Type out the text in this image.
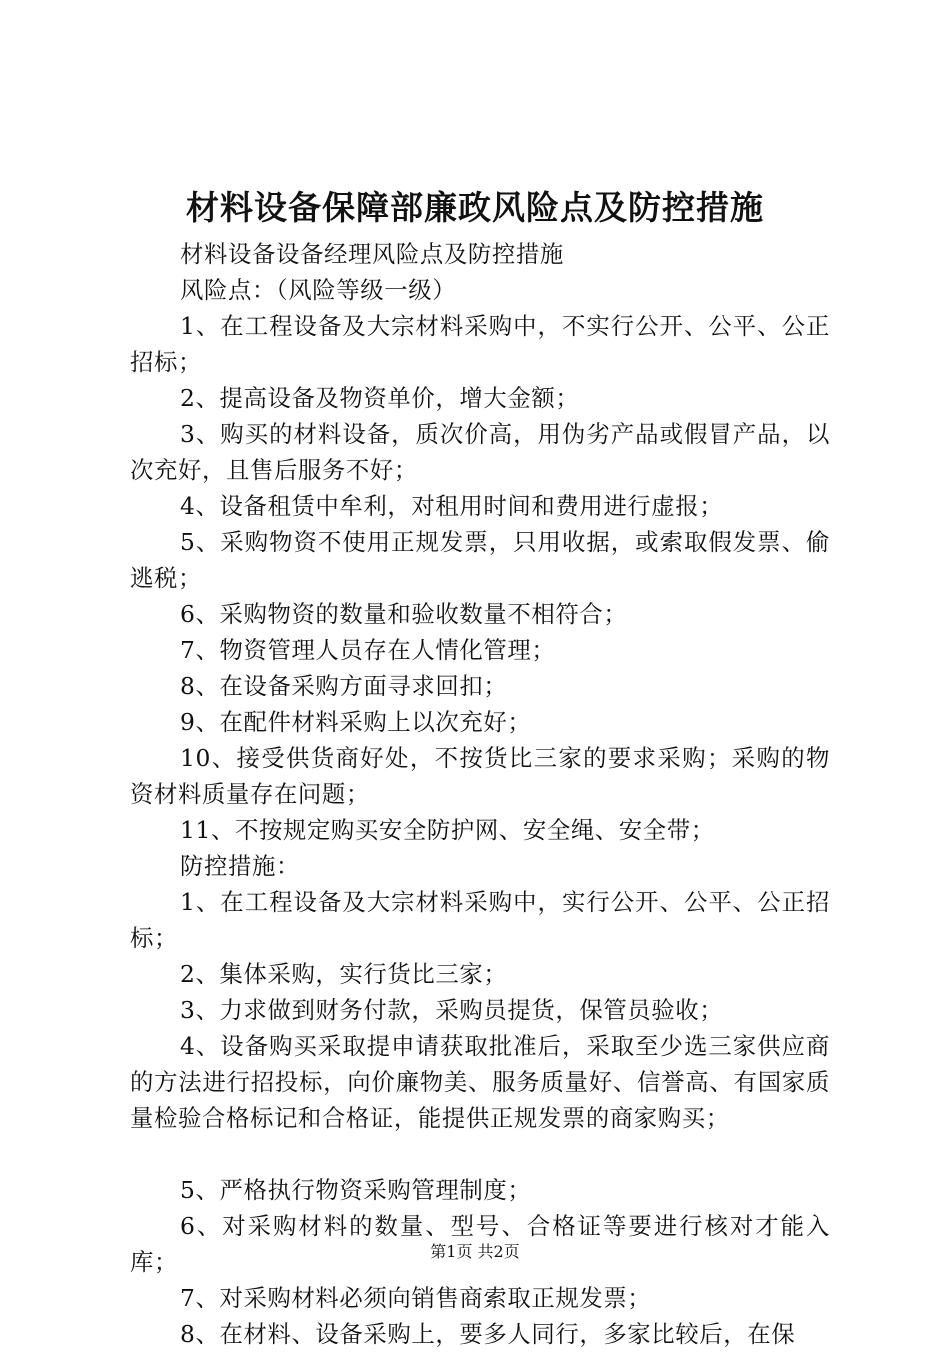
材料设备保障部廉政风险点及防控措施

材料设备设备经理风险点及防控措施

风险点：（风险等级一级）

1、在工程设备及大宗材料采购中，不实行公开、公平、公正招标；

2、提高设备及物资单价，增大金额；

3、购买的材料设备，质次价高，用伪劣产品或假冒产品，以次充好，且售后服务不好；

4、设备租赁中牟利，对租用时间和费用进行虚报；

5、采购物资不使用正规发票，只用收据，或索取假发票、偷逃税；

6、采购物资的数量和验收数量不相符合；

7、物资管理人员存在人情化管理；

8、在设备采购方面寻求回扣；

9、在配件材料采购上以次充好；

10、接受供货商好处，不按货比三家的要求采购；采购的物资材料质量存在问题；

11、不按规定购买安全防护网、安全绳、安全带；

防控措施：

1、在工程设备及大宗材料采购中，实行公开、公平、公正招标；

2、集体采购，实行货比三家；

3、力求做到财务付款，采购员提货，保管员验收；

4、设备购买采取提申请获取批准后，采取至少选三家供应商的方法进行招投标，向价廉物美、服务质量好、信誉高、有国家质量检验合格标记和合格证，能提供正规发票的商家购买；

5、严格执行物资采购管理制度；

6、对采购材料的数量、型号、合格证等要进行核对才能入库；

7、对采购材料必须向销售商索取正规发票；

8、在材料、设备采购上，要多人同行，多家比较后，在保

第1页 共2页
